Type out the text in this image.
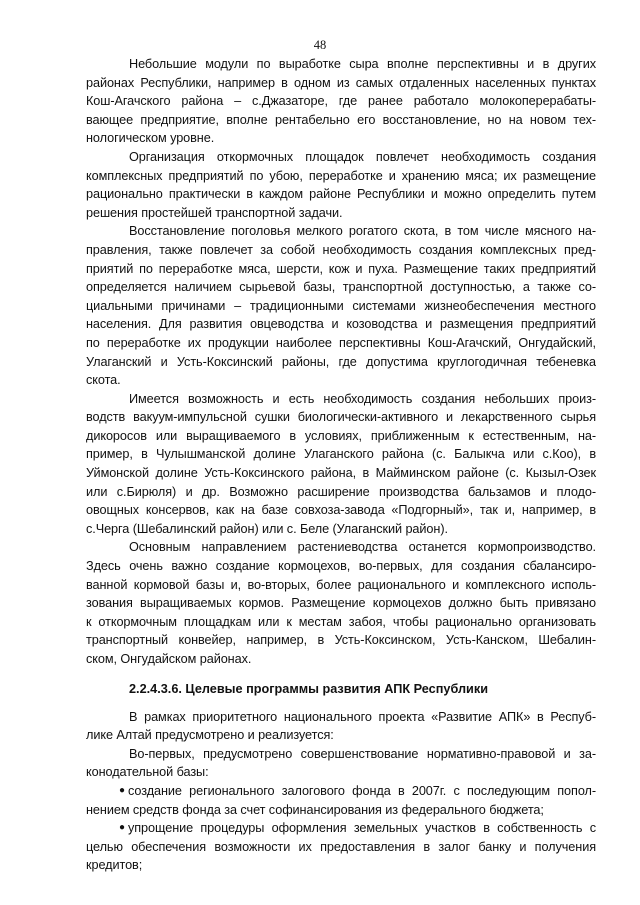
48
Небольшие модули по выработке сыра вполне перспективны и в других
районах Республики, например в одном из самых отдаленных населенных пунктах
Кош-Агачского района – с.Джазаторе, где ранее работало молокоперерабаты-
вающее предприятие, вполне рентабельно его восстановление, но на новом тех-
нологическом уровне.
Организация откормочных площадок повлечет необходимость создания
комплексных предприятий по убою, переработке и хранению мяса; их размещение
рационально практически в каждом районе Республики и можно определить путем
решения простейшей транспортной задачи.
Восстановление поголовья мелкого рогатого скота, в том числе мясного на-
правления, также повлечет за собой необходимость создания комплексных пред-
приятий по переработке мяса, шерсти, кож и пуха. Размещение таких предприятий
определяется наличием сырьевой базы, транспортной доступностью, а также со-
циальными причинами – традиционными системами жизнеобеспечения местного
населения. Для развития овцеводства и козоводства и размещения предприятий
по переработке их продукции наиболее перспективны Кош-Агачский, Онгудайский,
Улаганский и Усть-Коксинский районы, где допустима круглогодичная тебеневка
скота.
Имеется возможность и есть необходимость создания небольших произ-
водств вакуум-импульсной сушки биологически-активного и лекарственного сырья
дикоросов или выращиваемого в условиях, приближенным к естественным, на-
пример, в Чулышманской долине Улаганского района (с. Балыкча или с.Коо), в
Уймонской долине Усть-Коксинского района, в Майминском районе (с. Кызыл-Озек
или с.Бирюля) и др. Возможно расширение производства бальзамов и плодо-
овощных консервов, как на базе совхоза-завода «Подгорный», так и, например, в
с.Черга (Шебалинский район) или с. Беле (Улаганский район).
Основным направлением растениеводства останется кормопроизводство.
Здесь очень важно создание кормоцехов, во-первых, для создания сбалансиро-
ванной кормовой базы и, во-вторых, более рационального и комплексного исполь-
зования выращиваемых кормов. Размещение кормоцехов должно быть привязано
к откормочным площадкам или к местам забоя, чтобы рационально организовать
транспортный конвейер, например, в Усть-Коксинском, Усть-Канском, Шебалин-
ском, Онгудайском районах.
2.2.4.3.6. Целевые программы развития АПК Республики
В рамках приоритетного национального проекта «Развитие АПК» в Респуб-
лике Алтай предусмотрено и реализуется:
Во-первых, предусмотрено совершенствование нормативно-правовой и за-
конодательной базы:
● создание регионального залогового фонда в 2007г. с последующим попол-
нением средств фонда за счет софинансирования из федерального бюджета;
● упрощение процедуры оформления земельных участков в собственность с
целью обеспечения возможности их предоставления в залог банку и получения
кредитов;
